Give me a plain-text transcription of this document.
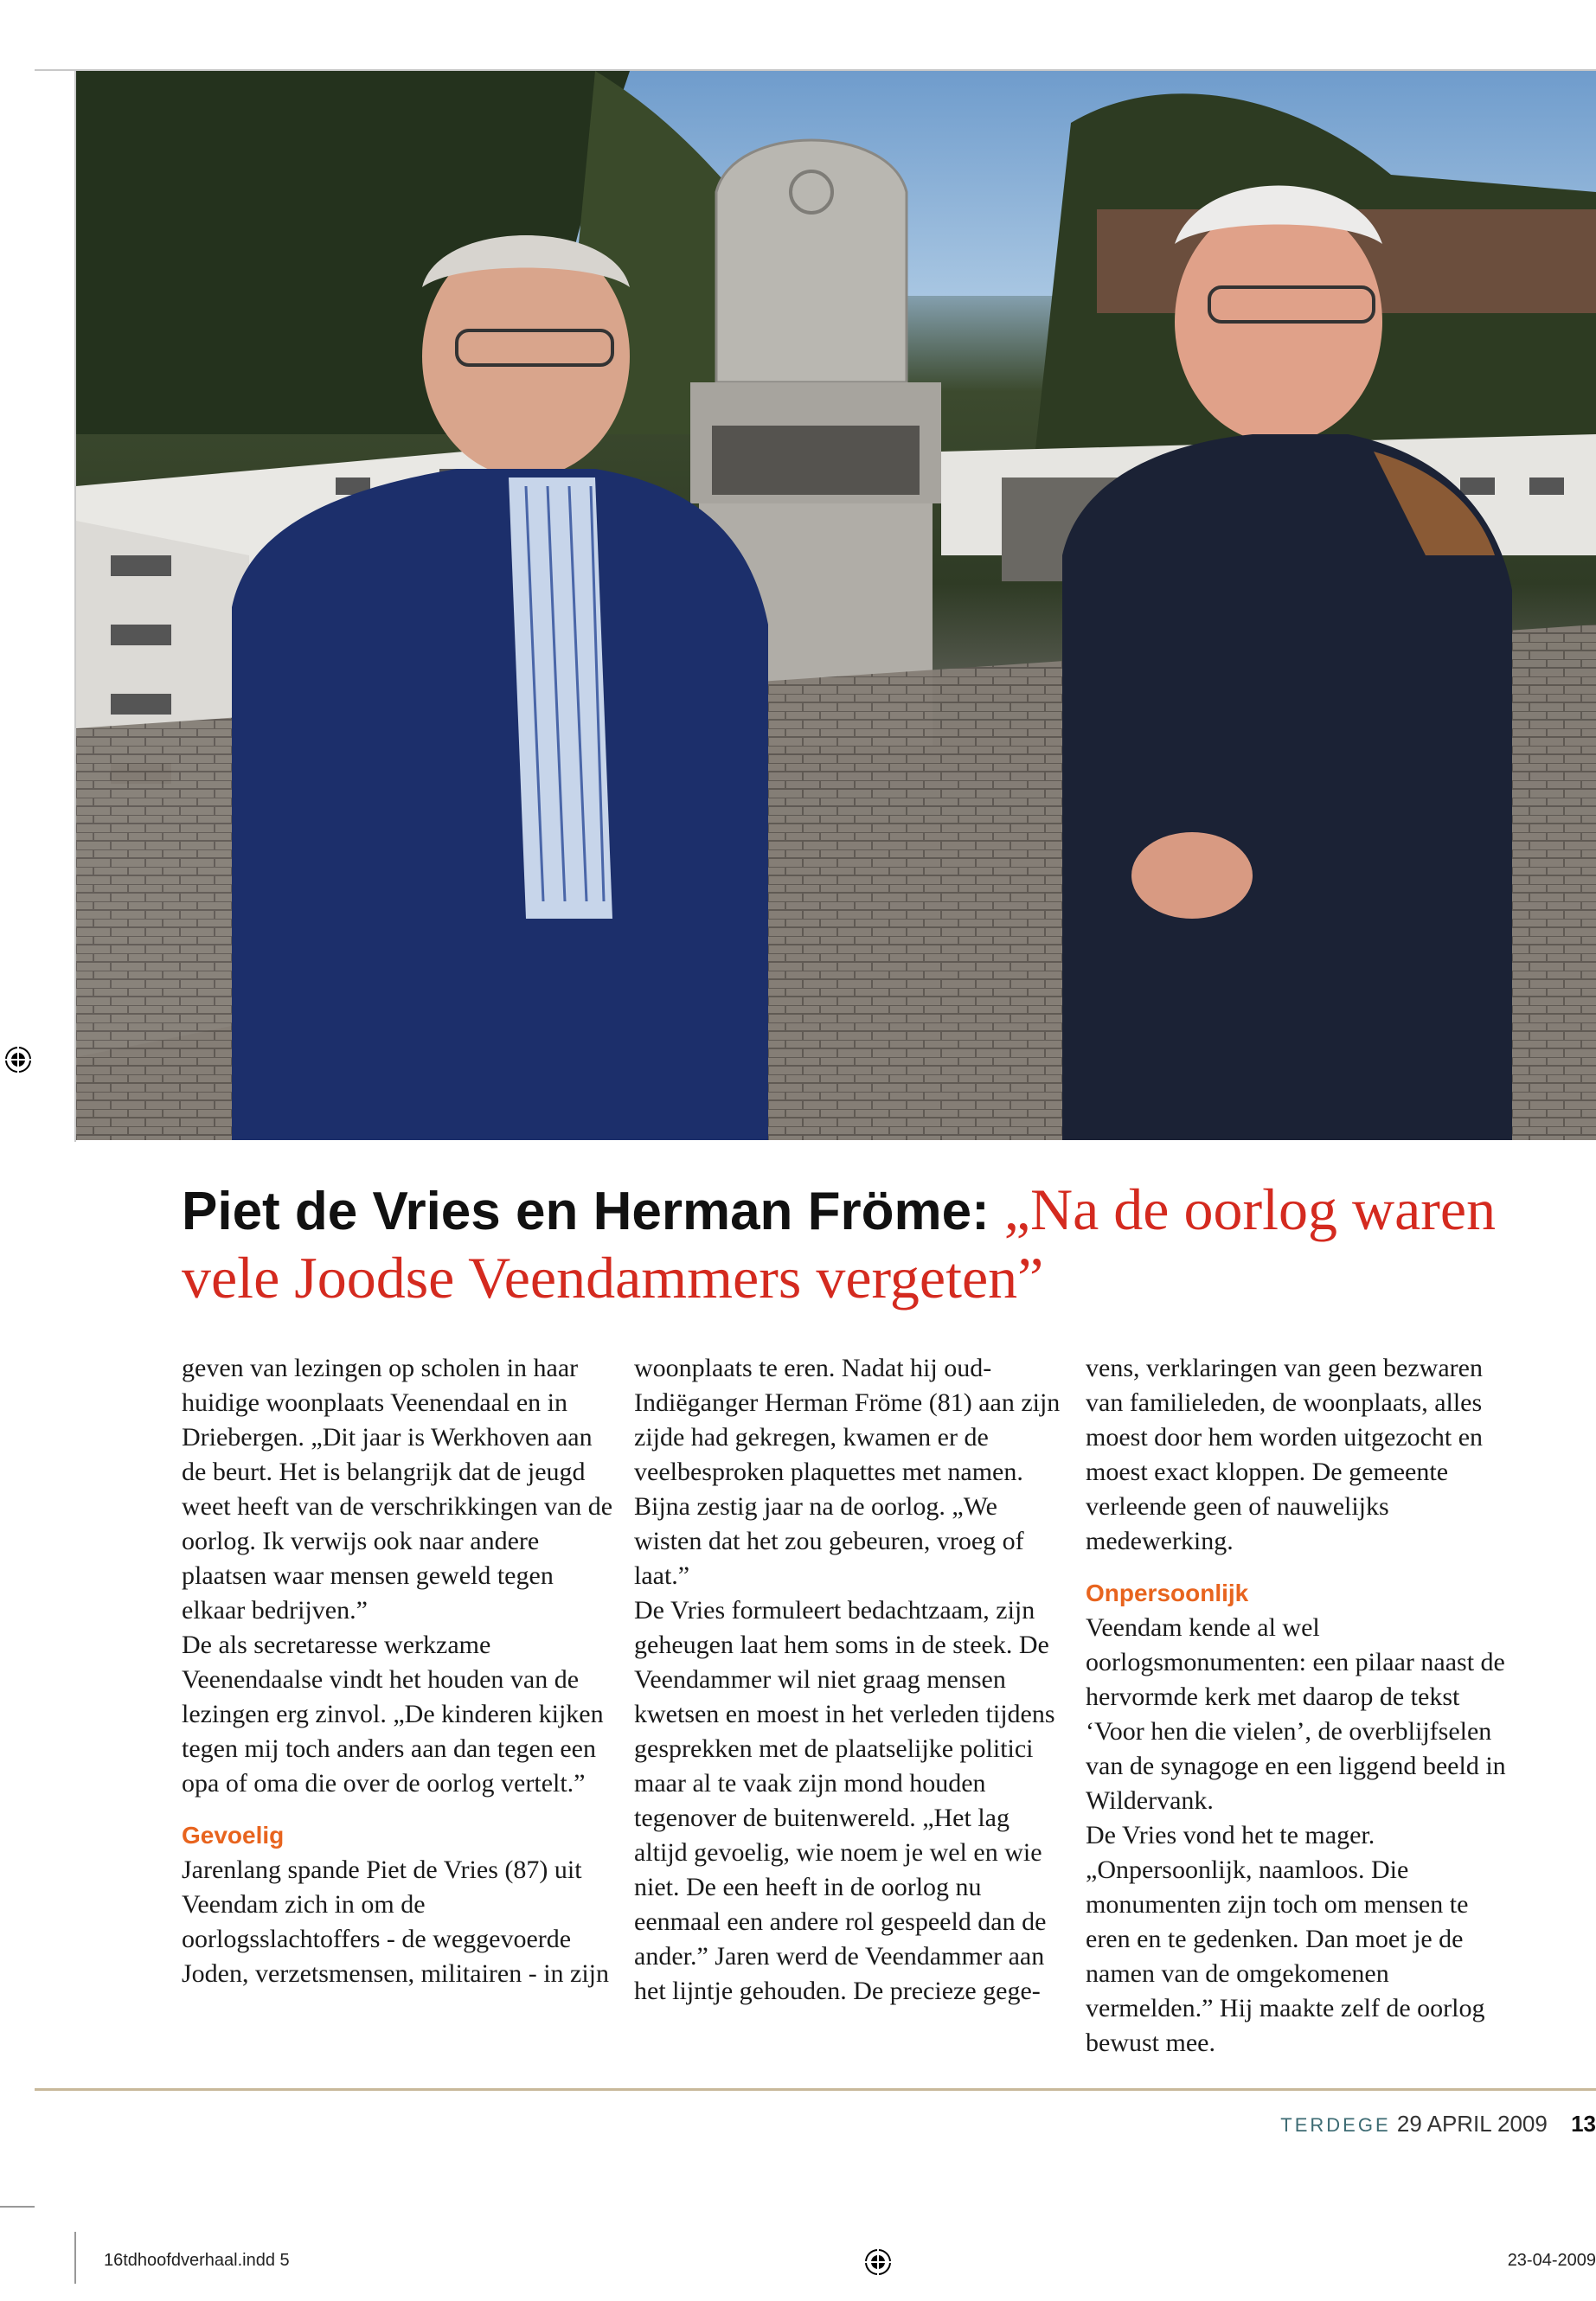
Piet de Vries en Herman Fröme: „Na de oorlog waren
vele Joodse Veendammers vergeten”

geven van lezingen op scholen in haar huidige woonplaats Veenendaal en in Driebergen. „Dit jaar is Werkhoven aan de beurt. Het is belangrijk dat de jeugd weet heeft van de verschrikkingen van de oorlog. Ik verwijs ook naar andere plaatsen waar mensen geweld tegen elkaar bedrijven.”

De als secretaresse werkzame Veenendaalse vindt het houden van de lezingen erg zinvol. „De kinderen kijken tegen mij toch anders aan dan tegen een opa of oma die over de oorlog vertelt.”

Gevoelig

Jarenlang spande Piet de Vries (87) uit Veendam zich in om de oorlogsslachtoffers - de weggevoerde Joden, verzetsmensen, militairen - in zijn

woonplaats te eren. Nadat hij oud-Indiëganger Herman Fröme (81) aan zijn zijde had gekregen, kwamen er de veelbesproken plaquettes met namen. Bijna zestig jaar na de oorlog. „We wisten dat het zou gebeuren, vroeg of laat.”

De Vries formuleert bedachtzaam, zijn geheugen laat hem soms in de steek. De Veendammer wil niet graag mensen kwetsen en moest in het verleden tijdens gesprekken met de plaatselijke politici maar al te vaak zijn mond houden tegenover de buitenwereld. „Het lag altijd gevoelig, wie noem je wel en wie niet. De een heeft in de oorlog nu eenmaal een andere rol gespeeld dan de ander.” Jaren werd de Veendammer aan het lijntje gehouden. De precieze gege-

vens, verklaringen van geen bezwaren van familieleden, de woonplaats, alles moest door hem worden uitgezocht en moest exact kloppen. De gemeente verleende geen of nauwelijks medewerking.

Onpersoonlijk

Veendam kende al wel oorlogsmonumenten: een pilaar naast de hervormde kerk met daarop de tekst ‘Voor hen die vielen’, de overblijfselen van de synagoge en een liggend beeld in Wildervank.

De Vries vond het te mager. „Onpersoonlijk, naamloos. Die monumenten zijn toch om mensen te eren en te gedenken. Dan moet je de namen van de omgekomenen vermelden.” Hij maakte zelf de oorlog bewust mee.

TERDEGE 29 APRIL 2009 13
16tdhoofdverhaal.indd 5	23-04-2009
